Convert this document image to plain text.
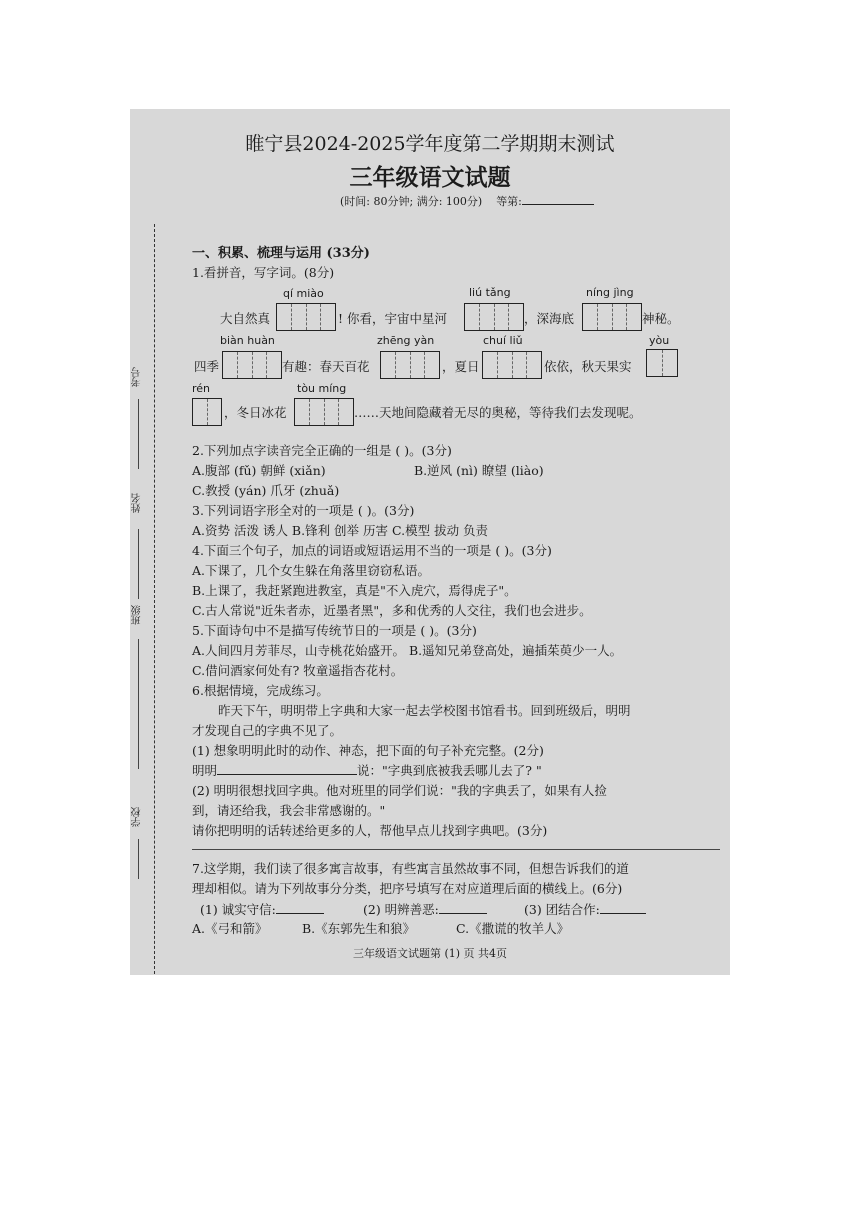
睢宁县2024-2025学年度第二学期期末测试
三年级语文试题
(时间: 80分钟; 满分: 100分) 等第:
考号
姓名
班级
学校
一、积累、梳理与运用 (33分)
1.看拼音，写字词。(8分)
qí miào	liú tǎng	níng jìng
大自然真	! 你看，宇宙中星河	，深海底	神秘。
biàn huàn	zhēng yàn	chuí liǔ	yòu
四季	有趣：春天百花	，夏日	依依，秋天果实
rén	tòu míng
，冬日冰花	……天地间隐藏着无尽的奥秘，等待我们去发现呢。
2.下列加点字读音完全正确的一组是 ( )。(3分)
A.腹部 (fǔ) 朝鲜 (xiǎn)	B.逆风 (nì) 瞭望 (liào)
C.教授 (yán) 爪牙 (zhuǎ)
3.下列词语字形全对的一项是 ( )。(3分)
A.资势 活泼 诱人 B.锋利 创举 历害 C.模型 拔动 负责
4.下面三个句子，加点的词语或短语运用不当的一项是 ( )。(3分)
A.下课了，几个女生躲在角落里窃窃私语。
B.上课了，我赶紧跑进教室，真是"不入虎穴，焉得虎子"。
C.古人常说"近朱者赤，近墨者黑"，多和优秀的人交往，我们也会进步。
5.下面诗句中不是描写传统节日的一项是 ( )。(3分)
A.人间四月芳菲尽，山寺桃花始盛开。 B.遥知兄弟登高处，遍插茱萸少一人。
C.借问酒家何处有? 牧童遥指杏花村。
6.根据情境，完成练习。
昨天下午，明明带上字典和大家一起去学校图书馆看书。回到班级后，明明
才发现自己的字典不见了。
(1) 想象明明此时的动作、神态，把下面的句子补充完整。(2分)
明明	说："字典到底被我丢哪儿去了? "
(2) 明明很想找回字典。他对班里的同学们说："我的字典丢了，如果有人捡
到，请还给我，我会非常感谢的。"
请你把明明的话转述给更多的人，帮他早点儿找到字典吧。(3分)
7.这学期，我们读了很多寓言故事，有些寓言虽然故事不同，但想告诉我们的道
理却相似。请为下列故事分分类，把序号填写在对应道理后面的横线上。(6分)
(1) 诚实守信:	(2) 明辨善恶:	(3) 团结合作:
A.《弓和箭》	B.《东郭先生和狼》	C.《撒谎的牧羊人》
三年级语文试题第 (1) 页 共4页
